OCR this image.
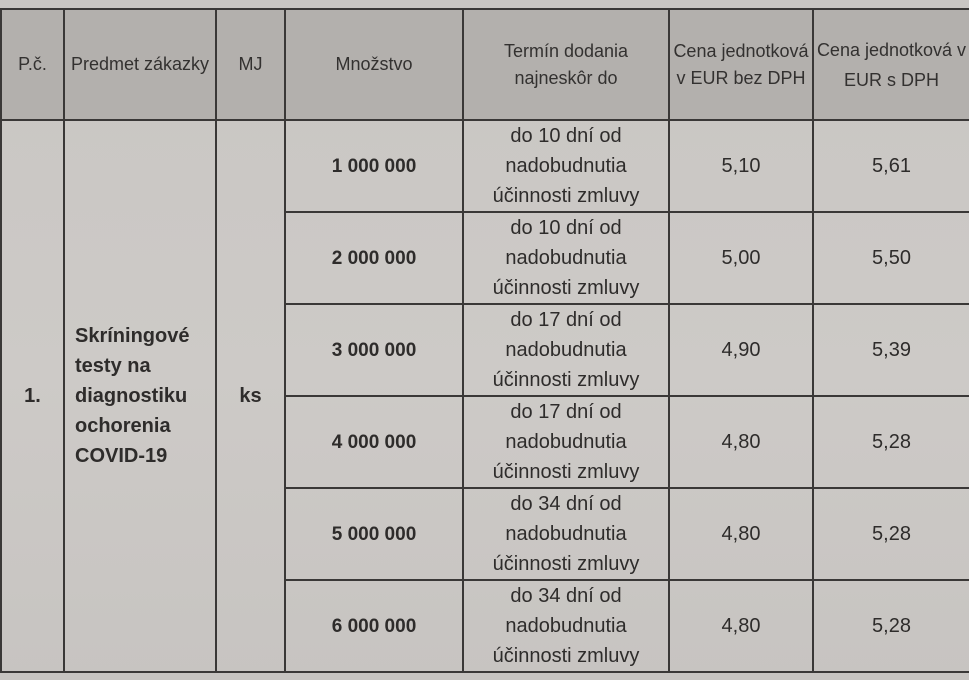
P.č.	Predmet zákazky	MJ	Množstvo	Termín dodania najneskôr do	Cena jednotková v EUR bez DPH	Cena jednotková v EUR s DPH
1.	Skríningové testy na diagnostiku ochorenia COVID-19	ks	1 000 000	do 10 dní od nadobudnutia účinnosti zmluvy	5,10	5,61
			2 000 000	do 10 dní od nadobudnutia účinnosti zmluvy	5,00	5,50
			3 000 000	do 17 dní od nadobudnutia účinnosti zmluvy	4,90	5,39
			4 000 000	do 17 dní od nadobudnutia účinnosti zmluvy	4,80	5,28
			5 000 000	do 34 dní od nadobudnutia účinnosti zmluvy	4,80	5,28
			6 000 000	do 34 dní od nadobudnutia účinnosti zmluvy	4,80	5,28
